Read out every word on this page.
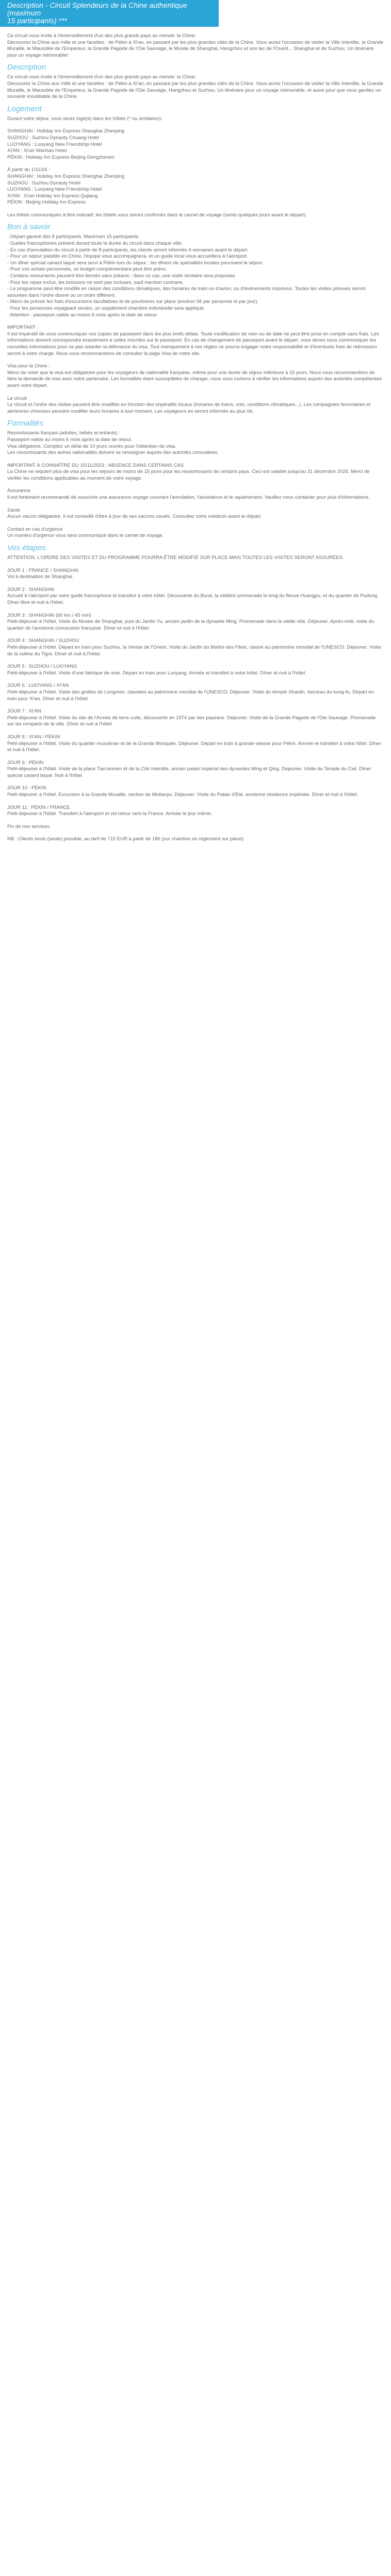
Description - Circuit Splendeurs de la Chine authentique (maximum
15 participants) ***

Ce circuit vous invite à l'émerveillement d'un des plus grands pays au monde: la Chine.

Découvrez la Chine aux mille et une facettes : de Pékin à Xi'an, en passant par les plus grandes cités de la Chine. Vous aurez l'occasion de visiter la Ville Interdite, la Grande Muraille, le Mausolée de l'Empereur, la Grande Pagode de l'Oie Sauvage, le Musée de Shanghai, Hangzhou et son lac de l'Ouest... Shanghai et de Suzhou. Un itinéraire pour un voyage mémorable!

Description

Ce circuit vous invite à l'émerveillement d'un des plus grands pays au monde: la Chine.

Découvrez la Chine aux mille et une facettes : de Pékin à Xi'an, en passant par les plus grandes cités de la Chine. Vous aurez l'occasion de visiter la Ville Interdite, la Grande Muraille, le Mausolée de l'Empereur, la Grande Pagode de l'Oie Sauvage, Hangzhou et Suzhou. Un itinéraire pour un voyage mémorable, et aussi pour que vous gardiez un souvenir inoubliable de la Chine.

Logement

Durant votre séjour, vous serez logé(e) dans les hôtels (* ou similaires):

SHANGHAI : Holiday Inn Express Shanghai Zhenping

SUZHOU : Suzhou Dynasty Chuang Hotel

LUOYANG : Luoyang New Friendship Hotel

XI'AN : Xi'an Wanhao Hotel

PÉKIN : Holiday Inn Express Beijing Dongzhimen

À partir du 1/11/24 :

SHANGHAI : Holiday Inn Express Shanghai Zhenping

SUZHOU : Suzhou Dynasty Hotel

LUOYANG : Luoyang New Friendship Hotel

XI'AN : Xi'an Holiday Inn Express Qujiang

PÉKIN : Beijing Holiday Inn Express

Les hôtels communiqués à titre indicatif, les hôtels vous seront confirmés dans le carnet de voyage (remis quelques jours avant le départ).

Bon à savoir

- Départ garanti dès 8 participants. Maximum 15 participants.

- Guides francophones présent durant toute la durée du circuit dans chaque ville.

- En cas d'annulation du circuit à partir de 8 participants, les clients seront informés 4 semaines avant le départ.

- Pour un séjour paisible en Chine, l'équipe vous accompagnera, et un guide local vous accueillera à l'aéroport.

- Un dîner spécial canard laqué sera servi à Pékin lors du séjour ; les dîners de spécialités locales ponctuent le séjour.

- Pour vos achats personnels, un budget complémentaire peut être prévu.

- Certains monuments peuvent être fermés sans préavis : dans ce cas, une visite similaire sera proposée.

- Pour les repas inclus, les boissons ne sont pas incluses, sauf mention contraire.

- Le programme peut être modifié en raison des conditions climatiques, des horaires de train ou d'avion, ou d'événements imprévus. Toutes les visites prévues seront assurées dans l'ordre donné ou un ordre différent.

- Merci de prévoir les frais d'excursions facultatives et de pourboires sur place (environ 5€ par personne et par jour).

- Pour les personnes voyageant seules, un supplément chambre individuelle sera appliqué.

- Attention : passeport valide au moins 6 mois après la date de retour.

IMPORTANT :

Il est impératif de vous communiquer vos copies de passeport dans les plus brefs délais. Toute modification de nom ou de date ne peut être prise en compte sans frais. Les informations doivent correspondre exactement à celles inscrites sur le passeport. En cas de changement de passeport avant le départ, vous devez nous communiquer les nouvelles informations pour ne pas retarder la délivrance du visa. Tout manquement à ces règles ne pourra engager notre responsabilité et d'éventuels frais de réémission seront à votre charge. Nous vous recommandons de consulter la page Visa de notre site.

Visa pour la Chine :

Merci de noter que le visa est obligatoire pour les voyageurs de nationalité française, même pour une durée de séjour inférieure à 15 jours. Nous vous recommandons de faire la demande de visa avec notre partenaire. Les formalités étant susceptibles de changer, nous vous invitons à vérifier les informations auprès des autorités compétentes avant votre départ.

Le circuit

Le circuit et l'ordre des visites peuvent être modifiés en fonction des impératifs locaux (horaires de trains, vols, conditions climatiques...). Les compagnies ferroviaires et aériennes chinoises peuvent modifier leurs horaires à tout moment. Les voyageurs en seront informés au plus tôt.

Formalités

Ressortissants français (adultes, bébés et enfants) :

Passeport valide au moins 6 mois après la date de retour.

Visa obligatoire. Comptez un délai de 10 jours ouvrés pour l'obtention du visa.

Les ressortissants des autres nationalités doivent se renseigner auprès des autorités consulaires.

IMPORTANT À CONNAÎTRE DU 15/11/2023 : ABSENCE DANS CERTAINS CAS

La Chine ne requiert plus de visa pour les séjours de moins de 15 jours pour les ressortissants de certains pays. Ceci est valable jusqu'au 31 décembre 2025. Merci de vérifier les conditions applicables au moment de votre voyage.

Assurance

Il est fortement recommandé de souscrire une assurance voyage couvrant l'annulation, l'assistance et le rapatriement. Veuillez nous contacter pour plus d'informations.

Santé

Aucun vaccin obligatoire. Il est conseillé d'être à jour de ses vaccins usuels. Consultez votre médecin avant le départ.

Contact en cas d'urgence

Un numéro d'urgence vous sera communiqué dans le carnet de voyage.

Vos étapes

ATTENTION, L'ORDRE DES VISITES ET DU PROGRAMME POURRA ÊTRE MODIFIÉ SUR PLACE MAIS TOUTES LES VISITES SERONT ASSURÉES.

JOUR 1 : FRANCE / SHANGHAI

Vol à destination de Shanghai.

JOUR 2 : SHANGHAI

Accueil à l'aéroport par votre guide francophone et transfert à votre hôtel. Découverte du Bund, la célèbre promenade le long du fleuve Huangpu, et du quartier de Pudong. Dîner libre et nuit à l'hôtel.

JOUR 3 : SHANGHAI (60 km / 45 min)

Petit-déjeuner à l'hôtel. Visite du Musée de Shanghai, puis du Jardin Yu, ancien jardin de la dynastie Ming. Promenade dans la vieille ville. Déjeuner. Après-midi, visite du quartier de l'ancienne concession française. Dîner et nuit à l'hôtel.

JOUR 4 : SHANGHAI / SUZHOU

Petit-déjeuner à l'hôtel. Départ en train pour Suzhou, la Venise de l'Orient. Visite du Jardin du Maître des Filets, classé au patrimoine mondial de l'UNESCO. Déjeuner. Visite de la colline du Tigre. Dîner et nuit à l'hôtel.

JOUR 5 : SUZHOU / LUOYANG

Petit-déjeuner à l'hôtel. Visite d'une fabrique de soie. Départ en train pour Luoyang. Arrivée et transfert à votre hôtel. Dîner et nuit à l'hôtel.

JOUR 6 : LUOYANG / XI'AN

Petit-déjeuner à l'hôtel. Visite des grottes de Longmen, classées au patrimoine mondial de l'UNESCO. Déjeuner. Visite du temple Shaolin, berceau du kung-fu. Départ en train pour Xi'an. Dîner et nuit à l'hôtel.

JOUR 7 : XI'AN

Petit-déjeuner à l'hôtel. Visite du site de l'Armée de terre cuite, découverte en 1974 par des paysans. Déjeuner. Visite de la Grande Pagode de l'Oie Sauvage. Promenade sur les remparts de la ville. Dîner et nuit à l'hôtel.

JOUR 8 : XI'AN / PÉKIN

Petit-déjeuner à l'hôtel. Visite du quartier musulman et de la Grande Mosquée. Déjeuner. Départ en train à grande vitesse pour Pékin. Arrivée et transfert à votre hôtel. Dîner et nuit à l'hôtel.

JOUR 9 : PÉKIN

Petit-déjeuner à l'hôtel. Visite de la place Tian'anmen et de la Cité Interdite, ancien palais impérial des dynasties Ming et Qing. Déjeuner. Visite du Temple du Ciel. Dîner spécial canard laqué. Nuit à l'hôtel.

JOUR 10 : PÉKIN

Petit-déjeuner à l'hôtel. Excursion à la Grande Muraille, section de Mutianyu. Déjeuner. Visite du Palais d'Été, ancienne résidence impériale. Dîner et nuit à l'hôtel.

JOUR 11 : PÉKIN / FRANCE

Petit-déjeuner à l'hôtel. Transfert à l'aéroport et vol retour vers la France. Arrivée le jour même.

Fin de nos services.

NB : Clients seuls (seule) possible, au tarif de 715 EUR à partir de 18h (sur chambre du règlement sur place).
